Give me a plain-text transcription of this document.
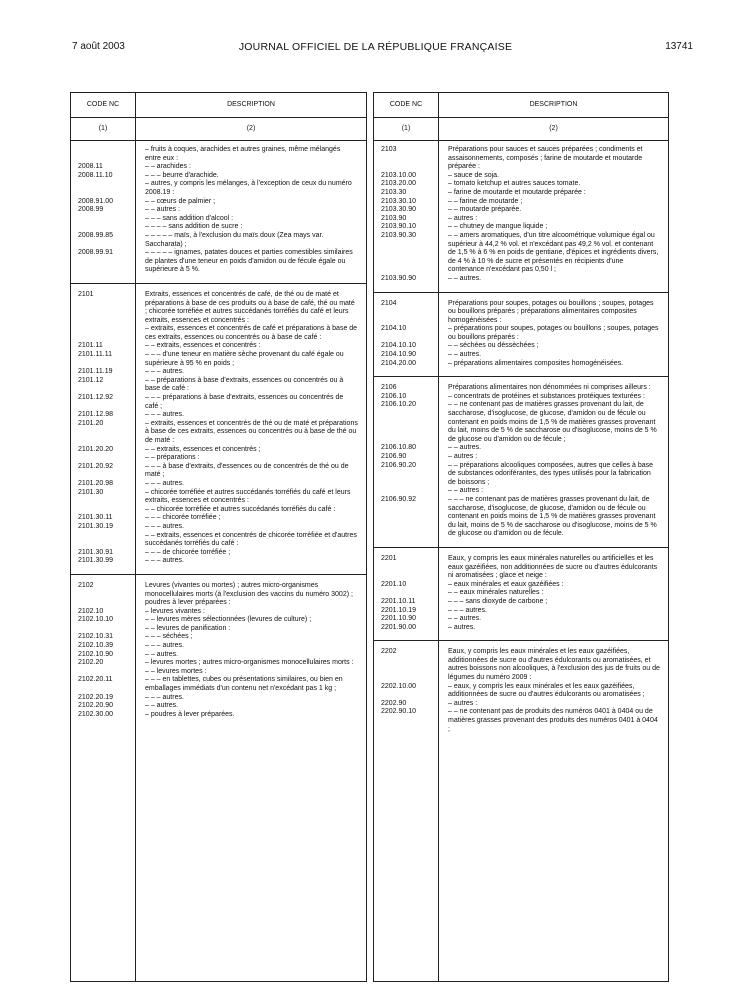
7 août 2003	JOURNAL OFFICIEL DE LA RÉPUBLIQUE FRANÇAISE	13741
CODE NC	DESCRIPTION
(1)	(2)
– fruits à coques, arachides et autres graines, même mélangés entre eux :
2008.11	– – arachides :
2008.11.10	– – – beurre d'arachide.
– autres, y compris les mélanges, à l'exception de ceux du numéro 2008.19 :
2008.91.00	– – cœurs de palmier ;
2008.99	– – autres :
– – – sans addition d'alcool :
– – – – sans addition de sucre :
2008.99.85	– – – – – maïs, à l'exclusion du maïs doux (Zea mays var. Saccharata) ;
2008.99.91	– – – – – ignames, patates douces et parties comestibles similaires de plantes d'une teneur en poids d'amidon ou de fécule égale ou supérieure à 5 %.
2101	Extraits, essences et concentrés de café, de thé ou de maté et préparations à base de ces produits ou à base de café, thé ou maté ; chicorée torréfiée et autres succédanés torréfiés du café et leurs extraits, essences et concentrés :
– extraits, essences et concentrés de café et préparations à base de ces extraits, essences ou concentrés ou à base de café :
2101.11	– – extraits, essences et concentrés :
2101.11.11	– – – d'une teneur en matière sèche provenant du café égale ou supérieure à 95 % en poids ;
2101.11.19	– – – autres.
2101.12	– – préparations à base d'extraits, essences ou concentrés ou à base de café :
2101.12.92	– – – préparations à base d'extraits, essences ou concentrés de café ;
2101.12.98	– – – autres.
2101.20	– extraits, essences et concentrés de thé ou de maté et préparations à base de ces extraits, essences ou concentrés ou à base de thé ou de maté :
2101.20.20	– – extraits, essences et concentrés ;
– – préparations :
2101.20.92	– – – à base d'extraits, d'essences ou de concentrés de thé ou de maté ;
2101.20.98	– – – autres.
2101.30	– chicorée torréfiée et autres succédanés torréfiés du café et leurs extraits, essences et concentrés :
– – chicorée torréfiée et autres succédanés torréfiés du café :
2101.30.11	– – – chicorée torréfiée ;
2101.30.19	– – – autres.
– – extraits, essences et concentrés de chicorée torréfiée et d'autres succédanés torréfiés du café :
2101.30.91	– – – de chicorée torréfiée ;
2101.30.99	– – – autres.
2102	Levures (vivantes ou mortes) ; autres micro-organismes monocellulaires morts (à l'exclusion des vaccins du numéro 3002) ; poudres à lever préparées :
2102.10	– levures vivantes :
2102.10.10	– – levures mères sélectionnées (levures de culture) ;
– – levures de panification :
2102.10.31	– – – séchées ;
2102.10.39	– – – autres.
2102.10.90	– – autres.
2102.20	– levures mortes ; autres micro-organismes monocellulaires morts :
– – levures mortes :
2102.20.11	– – – en tablettes, cubes ou présentations similaires, ou bien en emballages immédiats d'un contenu net n'excédant pas 1 kg ;
2102.20.19	– – – autres.
2102.20.90	– – autres.
2102.30.00	– poudres à lever préparées.
CODE NC	DESCRIPTION
(1)	(2)
2103	Préparations pour sauces et sauces préparées ; condiments et assaisonnements, composés ; farine de moutarde et moutarde préparée :
2103.10.00	– sauce de soja.
2103.20.00	– tomato ketchup et autres sauces tomate.
2103.30	– farine de moutarde et moutarde préparée :
2103.30.10	– – farine de moutarde ;
2103.30.90	– – moutarde préparée.
2103.90	– autres :
2103.90.10	– – chutney de mangue liquide ;
2103.90.30	– – amers aromatiques, d'un titre alcoométrique volumique égal ou supérieur à 44,2 % vol. et n'excédant pas 49,2 % vol. et contenant de 1,5 % à 6 % en poids de gentiane, d'épices et ingrédients divers, de 4 % à 10 % de sucre et présentés en récipients d'une contenance n'excédant pas 0,50 l ;
2103.90.90	– – autres.
2104	Préparations pour soupes, potages ou bouillons ; soupes, potages ou bouillons préparés ; préparations alimentaires composites homogénéisées :
2104.10	– préparations pour soupes, potages ou bouillons ; soupes, potages ou bouillons préparés :
2104.10.10	– – séchées ou déssèchées ;
2104.10.90	– – autres.
2104.20.00	– préparations alimentaires composites homogénéisées.
2106	Préparations alimentaires non dénommées ni comprises ailleurs :
2106.10	– concentrats de protéines et substances protéiques texturées :
2106.10.20	– – ne contenant pas de matières grasses provenant du lait, de saccharose, d'isoglucose, de glucose, d'amidon ou de fécule ou contenant en poids moins de 1,5 % de matières grasses provenant du lait, moins de 5 % de saccharose ou d'isoglucose, moins de 5 % de glucose ou d'amidon ou de fécule ;
2106.10.80	– – autres.
2106.90	– autres :
2106.90.20	– – préparations alcooliques composées, autres que celles à base de substances odoriférantes, des types utilisés pour la fabrication de boissons ;
– – autres :
2106.90.92	– – – ne contenant pas de matières grasses provenant du lait, de saccharose, d'isoglucose, de glucose, d'amidon ou de fécule ou contenant en poids moins de 1,5 % de matières grasses provenant du lait, moins de 5 % de saccharose ou d'isoglucose, moins de 5 % de glucose ou d'amidon ou de fécule.
2201	Eaux, y compris les eaux minérales naturelles ou artificielles et les eaux gazéifiées, non additionnées de sucre ou d'autres édulcorants ni aromatisées ; glace et neige :
2201.10	– eaux minérales et eaux gazéifiées :
– – eaux minérales naturelles :
2201.10.11	– – – sans dioxyde de carbone ;
2201.10.19	– – – autres.
2201.10.90	– – autres.
2201.90.00	– autres.
2202	Eaux, y compris les eaux minérales et les eaux gazéifiées, additionnées de sucre ou d'autres édulcorants ou aromatisées, et autres boissons non alcooliques, à l'exclusion des jus de fruits ou de légumes du numéro 2009 :
2202.10.00	– eaux, y compris les eaux minérales et les eaux gazéifiées, additionnées de sucre ou d'autres édulcorants ou aromatisées ;
2202.90	– autres :
2202.90.10	– – ne contenant pas de produits des numéros 0401 à 0404 ou de matières grasses provenant des produits des numéros 0401 à 0404 ;
